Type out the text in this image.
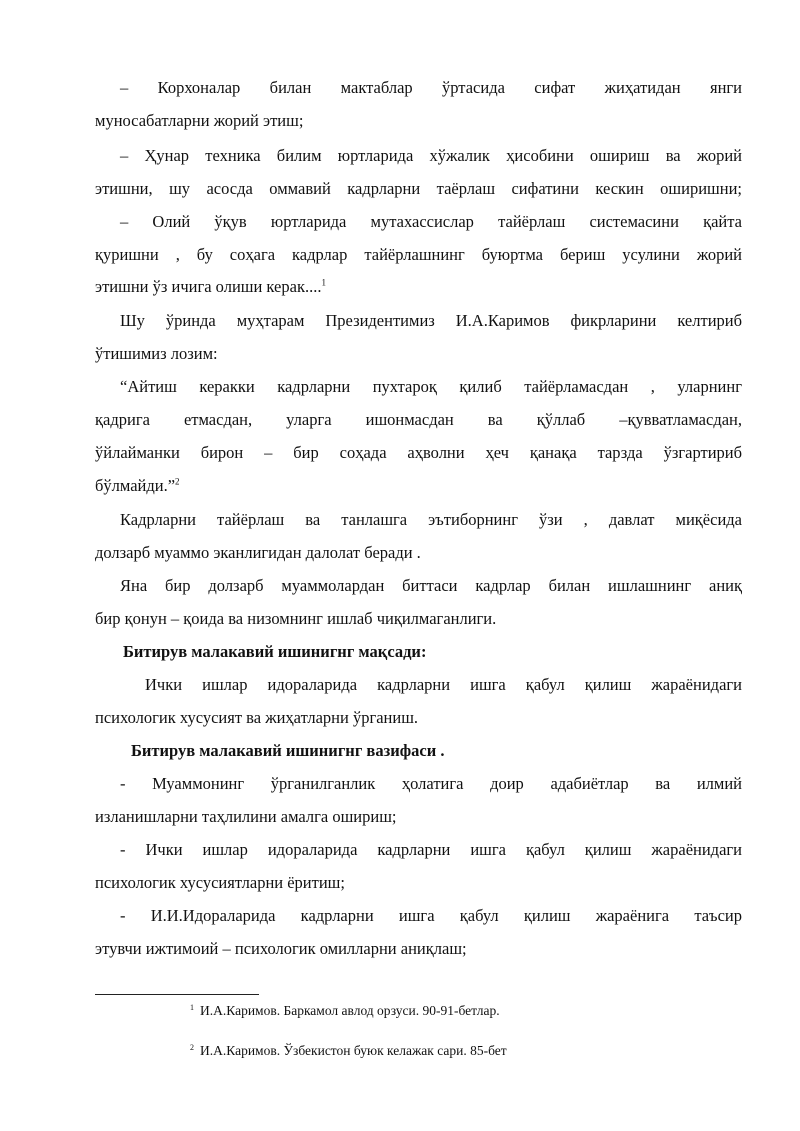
– Корхоналар билан мактаблар ўртасида сифат жиҳатидан янги
муносабатларни жорий этиш;
– Ҳунар техника билим юртларида хўжалик ҳисобини ошириш ва жорий
этишни, шу асосда оммавий кадрларни таёрлаш сифатини кескин оширишни;
– Олий ўқув юртларида мутахассислар тайёрлаш системасини қайта
қуришни , бу соҳага кадрлар тайёрлашнинг буюртма бериш усулини жорий
этишни ўз ичига олиши керак....$^1$
Шу ўринда муҳтарам Президентимиз И.А.Каримов фикрларини келтириб
ўтишимиз лозим:
“Айтиш керакки кадрларни пухтароқ қилиб тайёрламасдан , уларнинг
қадрига етмасдан, уларга ишонмасдан ва қўллаб –қувватламасдан,
ўйлайманки бирон – бир соҳада аҳволни ҳеч қанақа тарзда ўзгартириб
бўлмайди.”$^2$
Кадрларни тайёрлаш ва танлашга эътиборнинг ўзи , давлат миқёсида
долзарб муаммо эканлигидан далолат беради .
Яна бир долзарб муаммолардан биттаси кадрлар билан ишлашнинг аниқ
бир қонун – қоида ва низомнинг ишлаб чиқилмаганлиги.
Битирув малакавий ишинигнг мақсади:
Ички ишлар идораларида кадрларни ишга қабул қилиш жараёнидаги
психологик хусусият ва жиҳатларни ўрганиш.
Битирув малакавий ишинигнг вазифаси .
- Муаммонинг ўрганилганлик ҳолатига доир адабиётлар ва илмий
изланишларни таҳлилини амалга ошириш;
- Ички ишлар идораларида кадрларни ишга қабул қилиш жараёнидаги
психологик хусусиятларни ёритиш;
- И.И.Идораларида кадрларни ишга қабул қилиш жараёнига таъсир
этувчи ижтимоий – психологик омилларни аниқлаш;
$^1$ И.А.Каримов. Баркамол авлод орзуси. 90-91-бетлар.
$^2$ И.А.Каримов. Ўзбекистон буюк келажак сари. 85-бет
